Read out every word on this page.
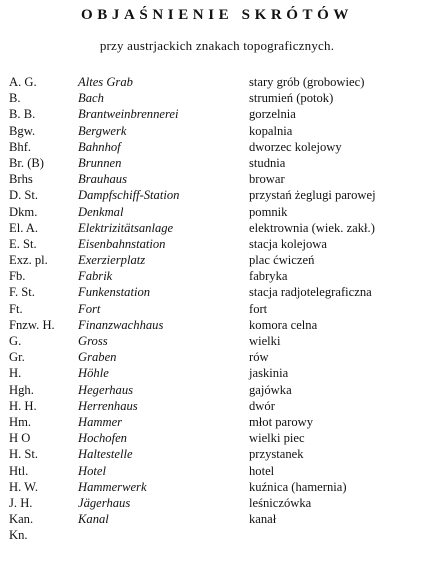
OBJAŚNIENIE SKRÓTÓW
przy austrjackich znakach topograficznych.
A. G.	Altes Grab	stary grób (grobowiec)
B.	Bach	strumień (potok)
B. B.	Brantweinbrennerei	gorzelnia
Bgw.	Bergwerk	kopalnia
Bhf.	Bahnhof	dworzec kolejowy
Br. (B)	Brunnen	studnia
Brhs	Brauhaus	browar
D. St.	Dampfschiff-Station	przystań żeglugi parowej
Dkm.	Denkmal	pomnik
El. A.	Elektrizitätsanlage	elektrownia (wiek. zakł.)
E. St.	Eisenbahnstation	stacja kolejowa
Exz. pl.	Exerzierplatz	plac ćwiczeń
Fb.	Fabrik	fabryka
F. St.	Funkenstation	stacja radjotelegraficzna
Ft.	Fort	fort
Fnzw. H.	Finanzwachhaus	komora celna
G.	Gross	wielki
Gr.	Graben	rów
H.	Höhle	jaskinia
Hgh.	Hegerhaus	gajówka
H. H.	Herrenhaus	dwór
Hm.	Hammer	młot parowy
H O	Hochofen	wielki piec
H. St.	Haltestelle	przystanek
Htl.	Hotel	hotel
H. W.	Hammerwerk	kuźnica (hamernia)
J. H.	Jägerhaus	leśniczówka
Kan.	Kanal	kanał
Kn.
